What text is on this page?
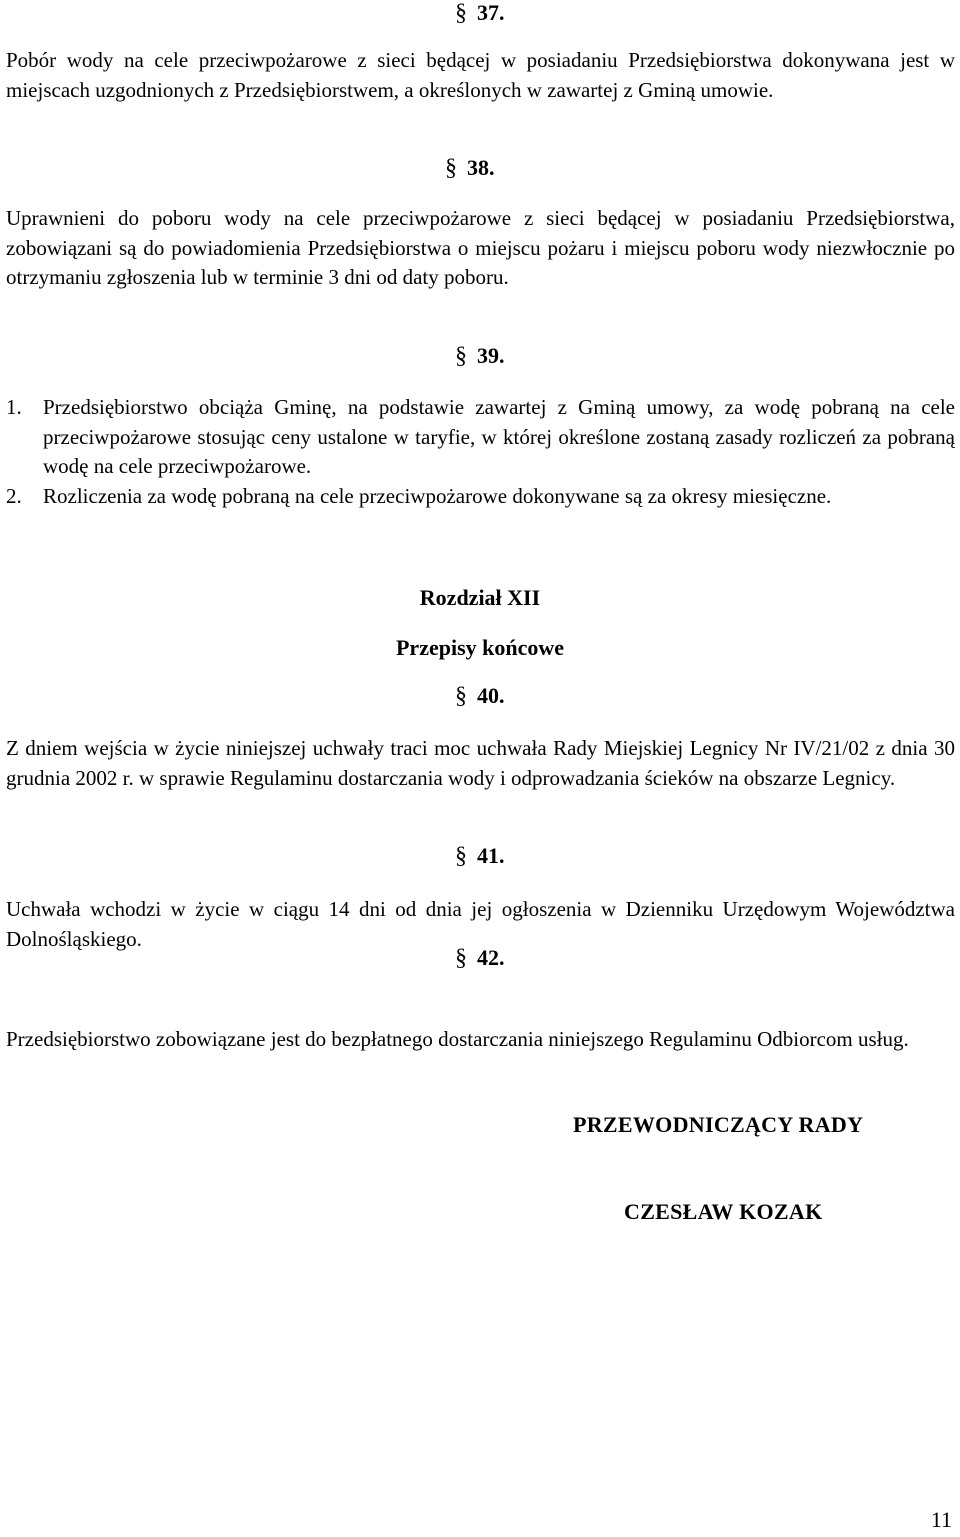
§ 37.

Pobór wody na cele przeciwpożarowe z sieci będącej w posiadaniu Przedsiębiorstwa dokonywana jest w miejscach uzgodnionych z Przedsiębiorstwem, a określonych w zawartej z Gminą umowie.

§ 38.

Uprawnieni do poboru wody na cele przeciwpożarowe z sieci będącej w posiadaniu Przedsiębiorstwa, zobowiązani są do powiadomienia Przedsiębiorstwa o miejscu pożaru i miejscu poboru wody niezwłocznie po otrzymaniu zgłoszenia lub w terminie 3 dni od daty poboru.

§ 39.
1.	Przedsiębiorstwo obciąża Gminę, na podstawie zawartej z Gminą umowy, za wodę pobraną na cele przeciwpożarowe stosując ceny ustalone w taryfie, w której określone zostaną zasady rozliczeń za pobraną wodę na cele przeciwpożarowe.
2.	Rozliczenia za wodę pobraną na cele przeciwpożarowe dokonywane są za okresy miesięczne.
Rozdział XII
Przepisy końcowe
§ 40.

Z dniem wejścia w życie niniejszej uchwały traci moc uchwała Rady Miejskiej Legnicy Nr IV/21/02 z dnia 30 grudnia 2002 r. w sprawie Regulaminu dostarczania wody i odprowadzania ścieków na obszarze Legnicy.

§ 41.

Uchwała wchodzi w życie w ciągu 14 dni od dnia jej ogłoszenia w Dzienniku Urzędowym Województwa Dolnośląskiego.

§ 42.

Przedsiębiorstwo zobowiązane jest do bezpłatnego dostarczania niniejszego Regulaminu Odbiorcom usług.

PRZEWODNICZĄCY RADY
CZESŁAW KOZAK
11
